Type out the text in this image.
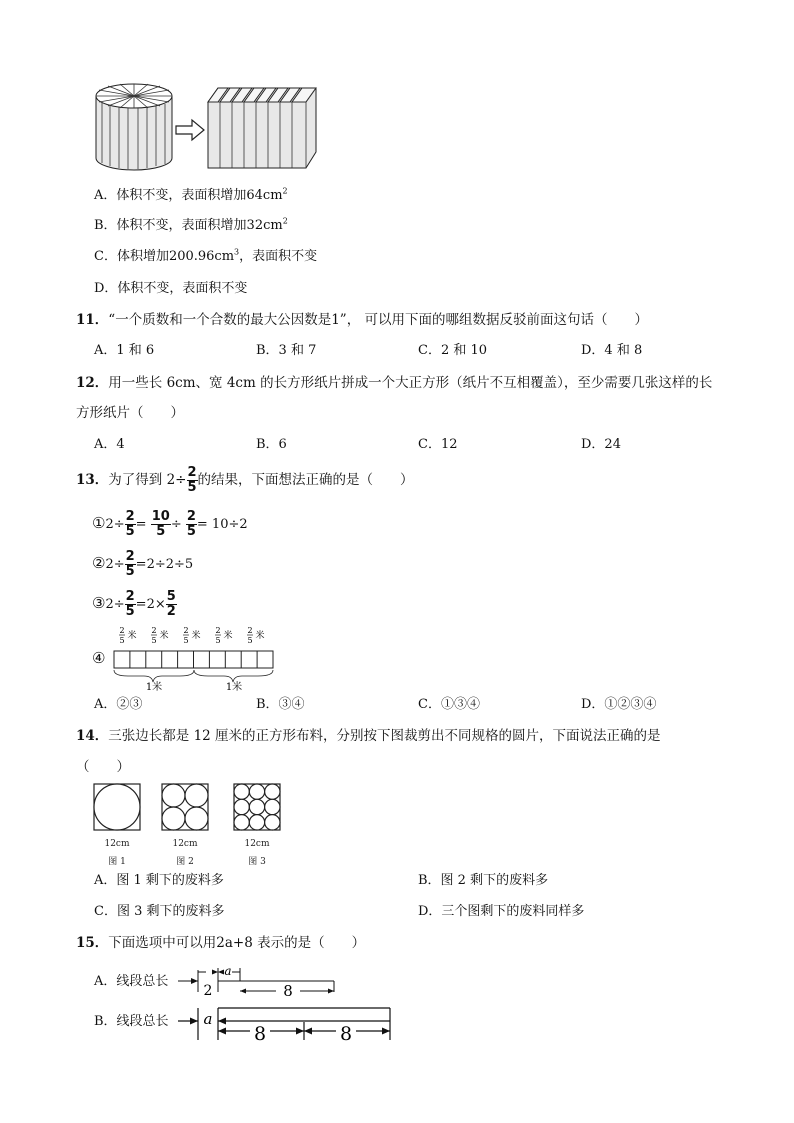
A．体积不变，表面积增加$64cm^2$
B．体积不变，表面积增加$32cm^2$
C．体积增加$200.96cm^3$，表面积不变
D．体积不变，表面积不变
11．“一个质数和一个合数的最大公因数是1”， 可以用下面的哪组数据反驳前面这句话（　　）
A．1 和 6	B．3 和 7	C．2 和 10	D．4 和 8
12．用一些长 6cm、宽 4cm 的长方形纸片拼成一个大正方形（纸片不互相覆盖），至少需要几张这样的长
方形纸片（　　）
A．4	B．6	C．12	D．24
13．为了得到 $2\div \frac{2}{5}$ 的结果，下面想法正确的是（　　）
①2÷ $\frac{2}{5} = \frac{10}{5} \div \frac{2}{5} = 10\div 2$
②2÷ $\frac{2}{5} =2\div 2\div 5$
③2÷ $\frac{2}{5} =2\times \frac{5}{2}$
④
2
5 米
2
5 米
2
5 米
2
5 米
2
5 米
1米	1米
A．②③	B．③④	C．①③④	D．①②③④
14．三张边长都是 12 厘米的正方形布料，分别按下图裁剪出不同规格的圆片，下面说法正确的是
（　　）
12cm	12cm	12cm
图 1	图 2	图 3
A．图 1 剩下的废料多	B．图 2 剩下的废料多
C．图 3 剩下的废料多	D．三个图剩下的废料同样多
15．下面选项中可以用2a+8 表示的是（　　）
A．线段总长
a
2	8
B．线段总长 a
8	8
